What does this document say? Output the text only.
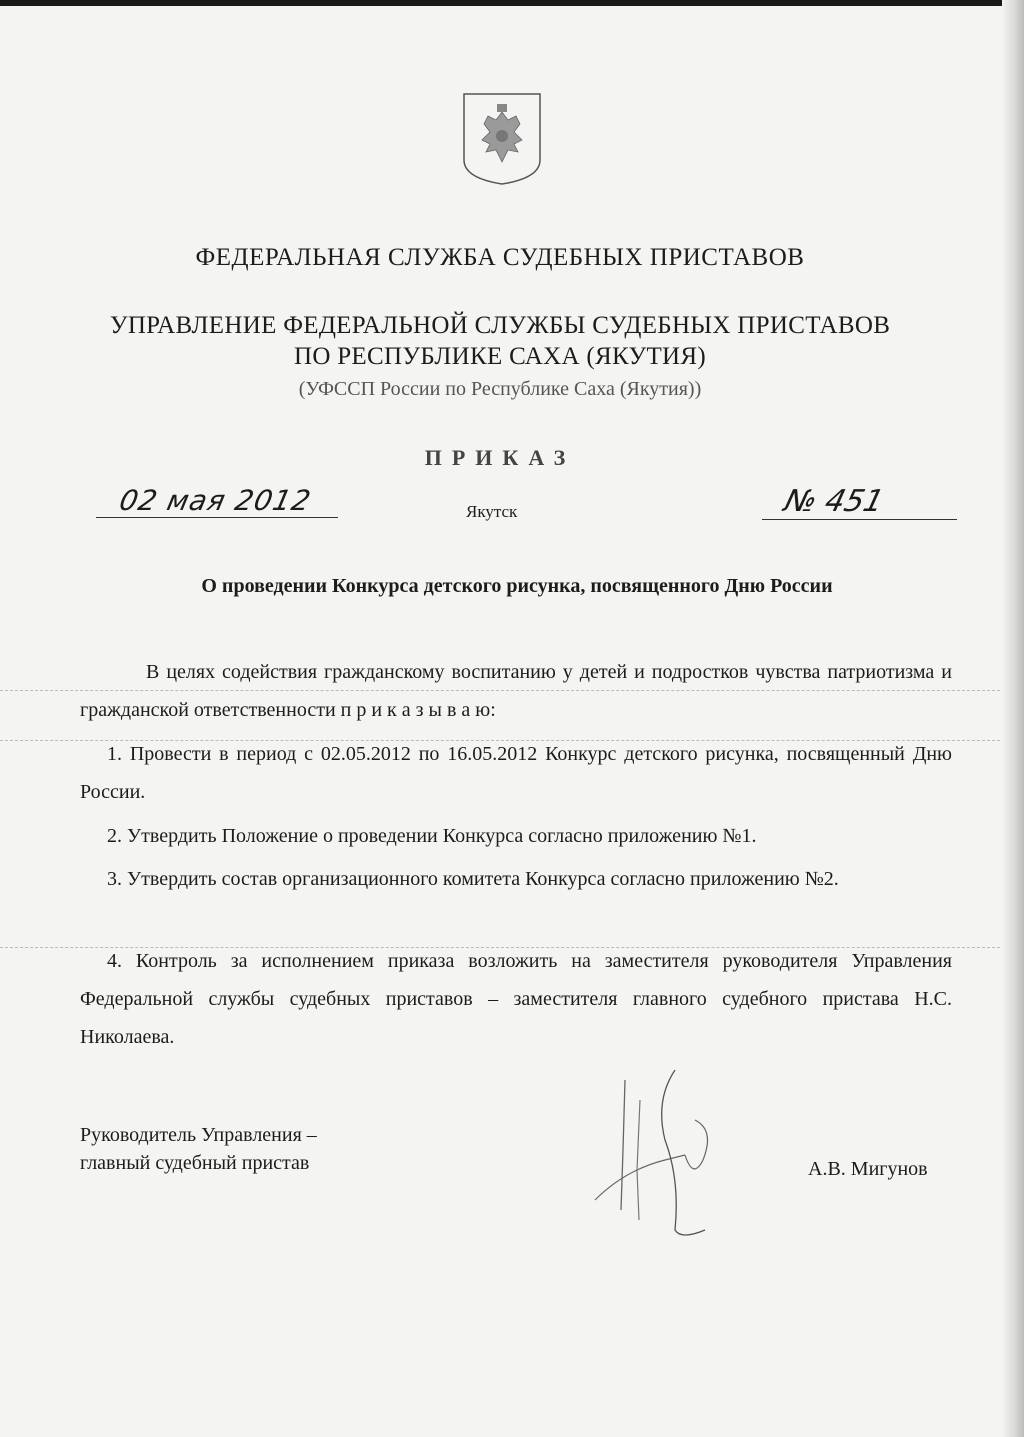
ФЕДЕРАЛЬНАЯ СЛУЖБА СУДЕБНЫХ ПРИСТАВОВ
УПРАВЛЕНИЕ ФЕДЕРАЛЬНОЙ СЛУЖБЫ СУДЕБНЫХ ПРИСТАВОВ
ПО РЕСПУБЛИКЕ САХА (ЯКУТИЯ)
(УФССП России по Республике Саха (Якутия))
ПРИКАЗ
02 мая 2012	Якутск	№ 451
О проведении Конкурса детского рисунка, посвященного Дню России
В целях содействия гражданскому воспитанию у детей и подростков чувства патриотизма и гражданской ответственности п р и к а з ы в а ю:
1. Провести в период с 02.05.2012 по 16.05.2012 Конкурс детского рисунка, посвященный Дню России.
2. Утвердить Положение о проведении Конкурса согласно приложению №1.
3. Утвердить состав организационного комитета Конкурса согласно приложению №2.
4. Контроль за исполнением приказа возложить на заместителя руководителя Управления Федеральной службы судебных приставов – заместителя главного судебного пристава Н.С. Николаева.
Руководитель Управления –
главный судебный пристав	А.В. Мигунов
